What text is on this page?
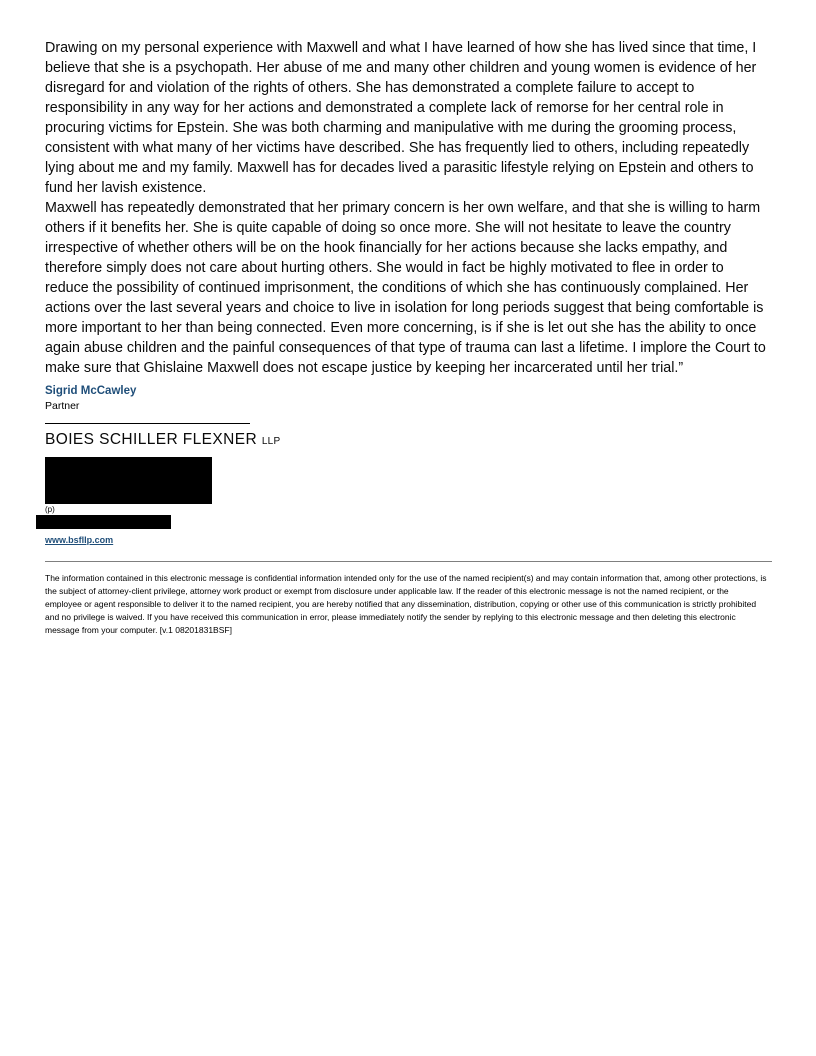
Drawing on my personal experience with Maxwell and what I have learned of how she has lived since that time, I believe that she is a psychopath. Her abuse of me and many other children and young women is evidence of her disregard for and violation of the rights of others. She has demonstrated a complete failure to accept to responsibility in any way for her actions and demonstrated a complete lack of remorse for her central role in procuring victims for Epstein. She was both charming and manipulative with me during the grooming process, consistent with what many of her victims have described. She has frequently lied to others, including repeatedly lying about me and my family. Maxwell has for decades lived a parasitic lifestyle relying on Epstein and others to fund her lavish existence.

Maxwell has repeatedly demonstrated that her primary concern is her own welfare, and that she is willing to harm others if it benefits her. She is quite capable of doing so once more. She will not hesitate to leave the country irrespective of whether others will be on the hook financially for her actions because she lacks empathy, and therefore simply does not care about hurting others. She would in fact be highly motivated to flee in order to reduce the possibility of continued imprisonment, the conditions of which she has continuously complained. Her actions over the last several years and choice to live in isolation for long periods suggest that being comfortable is more important to her than being connected. Even more concerning, is if she is let out she has the ability to once again abuse children and the painful consequences of that type of trauma can last a lifetime. I implore the Court to make sure that Ghislaine Maxwell does not escape justice by keeping her incarcerated until her trial.”

Sigrid McCawley
Partner
BOIES SCHILLER FLEXNER LLP
(p)
www.bsfllp.com

The information contained in this electronic message is confidential information intended only for the use of the named recipient(s) and may contain information that, among other protections, is the subject of attorney-client privilege, attorney work product or exempt from disclosure under applicable law. If the reader of this electronic message is not the named recipient, or the employee or agent responsible to deliver it to the named recipient, you are hereby notified that any dissemination, distribution, copying or other use of this communication is strictly prohibited and no privilege is waived. If you have received this communication in error, please immediately notify the sender by replying to this electronic message and then deleting this electronic message from your computer. [v.1 08201831BSF]
